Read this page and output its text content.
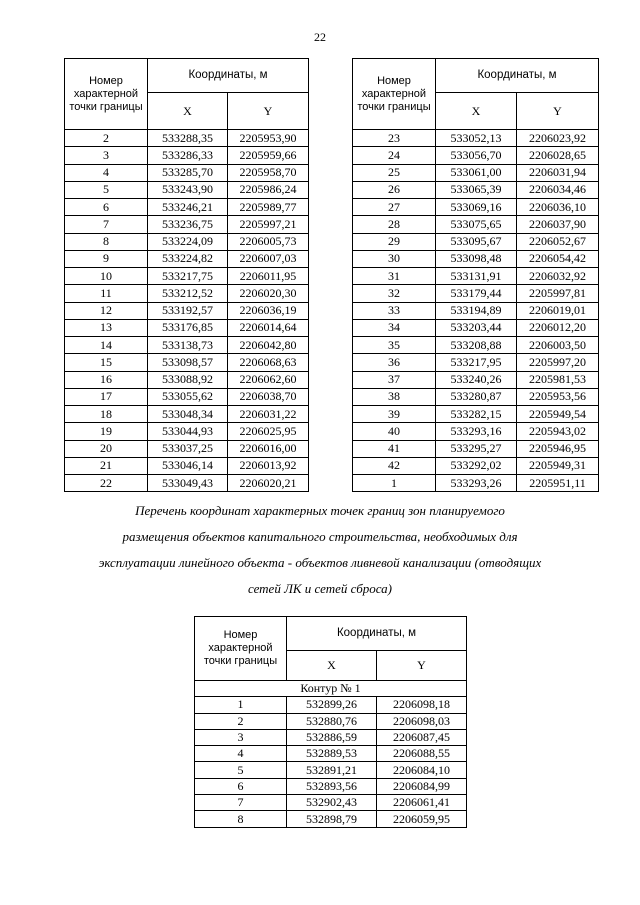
22
Номер характерной точки границы	Координаты, м	
	X	Y
2	533288,35	2205953,90
3	533286,33	2205959,66
4	533285,70	2205958,70
5	533243,90	2205986,24
6	533246,21	2205989,77
7	533236,75	2205997,21
8	533224,09	2206005,73
9	533224,82	2206007,03
10	533217,75	2206011,95
11	533212,52	2206020,30
12	533192,57	2206036,19
13	533176,85	2206014,64
14	533138,73	2206042,80
15	533098,57	2206068,63
16	533088,92	2206062,60
17	533055,62	2206038,70
18	533048,34	2206031,22
19	533044,93	2206025,95
20	533037,25	2206016,00
21	533046,14	2206013,92
22	533049,43	2206020,21
Номер характерной точки границы	Координаты, м	
	X	Y
23	533052,13	2206023,92
24	533056,70	2206028,65
25	533061,00	2206031,94
26	533065,39	2206034,46
27	533069,16	2206036,10
28	533075,65	2206037,90
29	533095,67	2206052,67
30	533098,48	2206054,42
31	533131,91	2206032,92
32	533179,44	2205997,81
33	533194,89	2206019,01
34	533203,44	2206012,20
35	533208,88	2206003,50
36	533217,95	2205997,20
37	533240,26	2205981,53
38	533280,87	2205953,56
39	533282,15	2205949,54
40	533293,16	2205943,02
41	533295,27	2205946,95
42	533292,02	2205949,31
1	533293,26	2205951,11
Перечень координат характерных точек границ зон планируемого
размещения объектов капитального строительства, необходимых для
эксплуатации линейного объекта - объектов ливневой канализации (отводящих
сетей ЛК и сетей сброса)
Номер характерной точки границы	Координаты, м	
	X	Y
Контур № 1		
1	532899,26	2206098,18
2	532880,76	2206098,03
3	532886,59	2206087,45
4	532889,53	2206088,55
5	532891,21	2206084,10
6	532893,56	2206084,99
7	532902,43	2206061,41
8	532898,79	2206059,95
